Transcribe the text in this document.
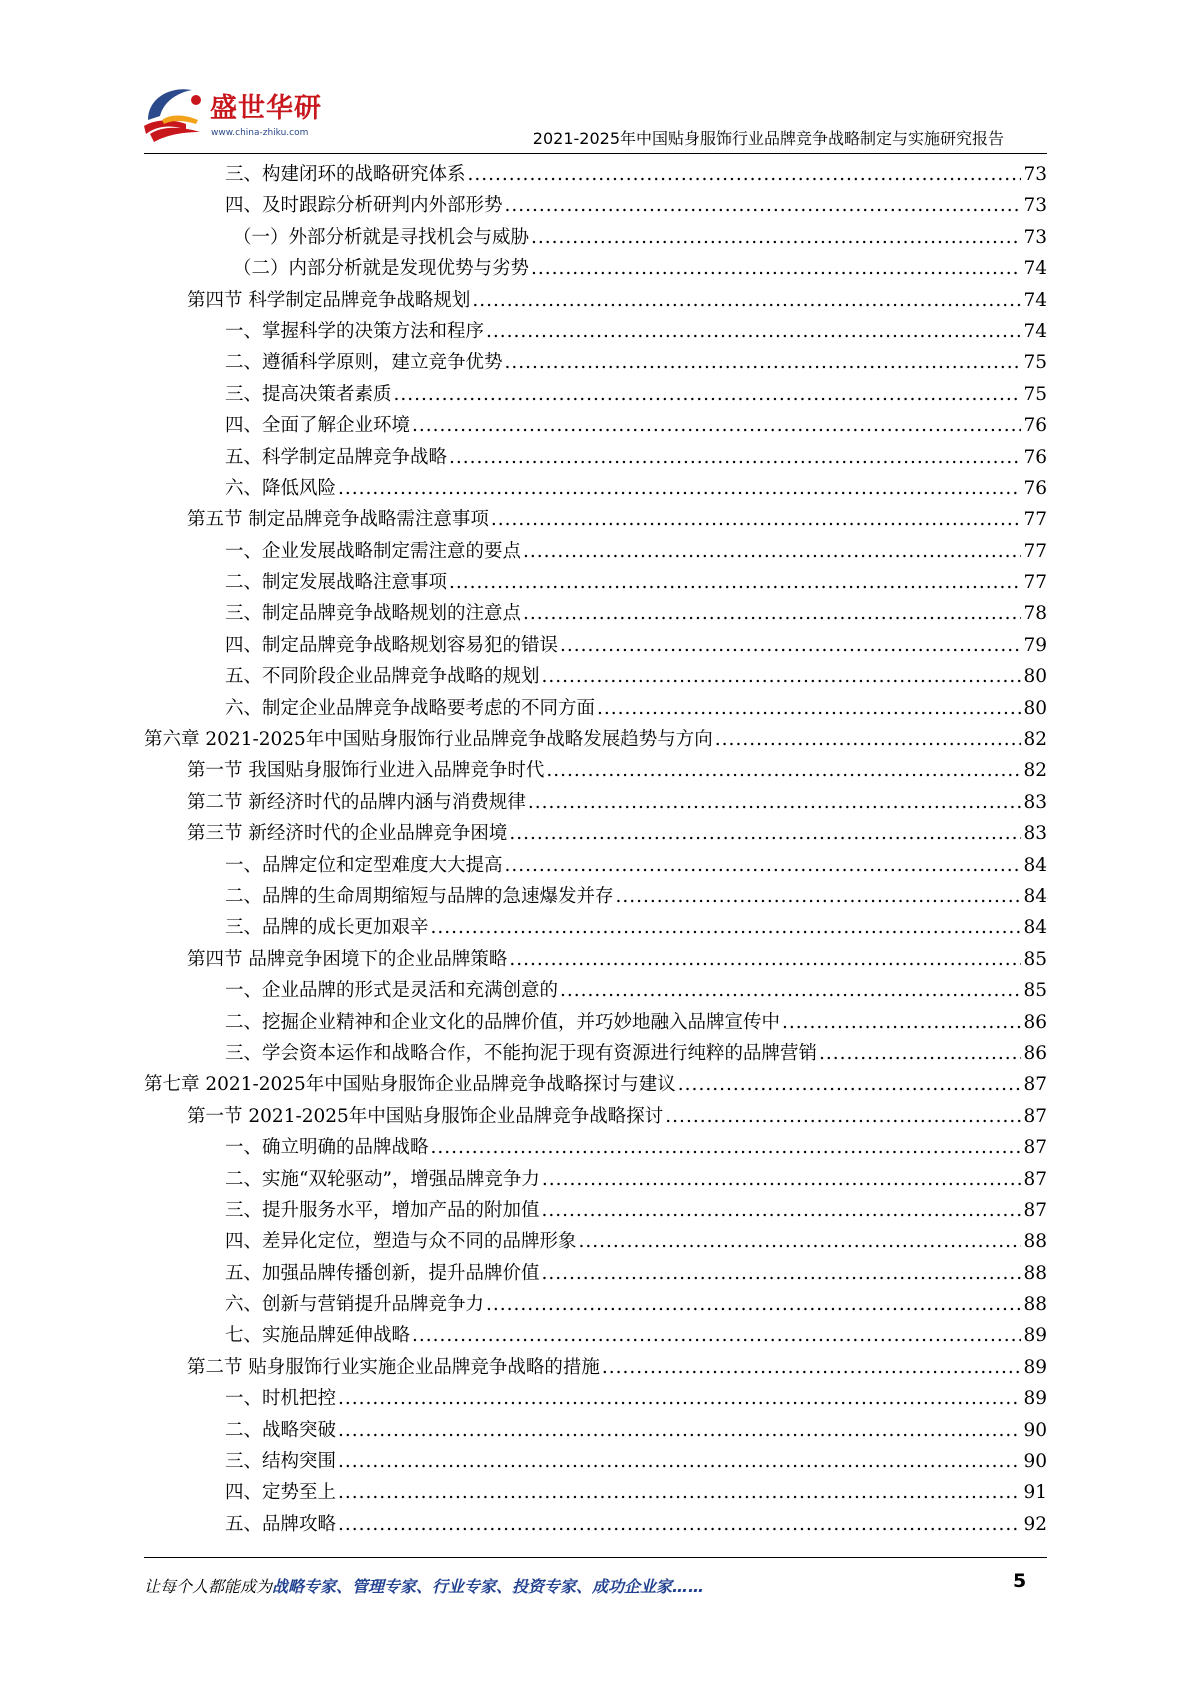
盛世华研
www.china-zhiku.com	2021-2025年中国贴身服饰行业品牌竞争战略制定与实施研究报告
三、构建闭环的战略研究体系 .....	73
四、及时跟踪分析研判内外部形势 .....	73
（一）外部分析就是寻找机会与威胁 .....	73
（二）内部分析就是发现优势与劣势 .....	74
第四节 科学制定品牌竞争战略规划 .....	74
一、掌握科学的决策方法和程序 .....	74
二、遵循科学原则，建立竞争优势 .....	75
三、提高决策者素质 .....	75
四、全面了解企业环境 .....	76
五、科学制定品牌竞争战略 .....	76
六、降低风险 .....	76
第五节 制定品牌竞争战略需注意事项 .....	77
一、企业发展战略制定需注意的要点 .....	77
二、制定发展战略注意事项 .....	77
三、制定品牌竞争战略规划的注意点 .....	78
四、制定品牌竞争战略规划容易犯的错误 .....	79
五、不同阶段企业品牌竞争战略的规划 .....	80
六、制定企业品牌竞争战略要考虑的不同方面 .....	80
第六章 2021-2025年中国贴身服饰行业品牌竞争战略发展趋势与方向 .....	82
第一节 我国贴身服饰行业进入品牌竞争时代 .....	82
第二节 新经济时代的品牌内涵与消费规律 .....	83
第三节 新经济时代的企业品牌竞争困境 .....	83
一、品牌定位和定型难度大大提高 .....	84
二、品牌的生命周期缩短与品牌的急速爆发并存 .....	84
三、品牌的成长更加艰辛 .....	84
第四节 品牌竞争困境下的企业品牌策略 .....	85
一、企业品牌的形式是灵活和充满创意的 .....	85
二、挖掘企业精神和企业文化的品牌价值，并巧妙地融入品牌宣传中 .....	86
三、学会资本运作和战略合作，不能拘泥于现有资源进行纯粹的品牌营销 .....	86
第七章 2021-2025年中国贴身服饰企业品牌竞争战略探讨与建议 .....	87
第一节 2021-2025年中国贴身服饰企业品牌竞争战略探讨 .....	87
一、确立明确的品牌战略 .....	87
二、实施“双轮驱动”，增强品牌竞争力 .....	87
三、提升服务水平，增加产品的附加值 .....	87
四、差异化定位，塑造与众不同的品牌形象 .....	88
五、加强品牌传播创新，提升品牌价值 .....	88
六、创新与营销提升品牌竞争力 .....	88
七、实施品牌延伸战略 .....	89
第二节 贴身服饰行业实施企业品牌竞争战略的措施 .....	89
一、时机把控 .....	89
二、战略突破 .....	90
三、结构突围 .....	90
四、定势至上 .....	91
五、品牌攻略 .....	92
让每个人都能成为战略专家、管理专家、行业专家、投资专家、成功企业家……	5
